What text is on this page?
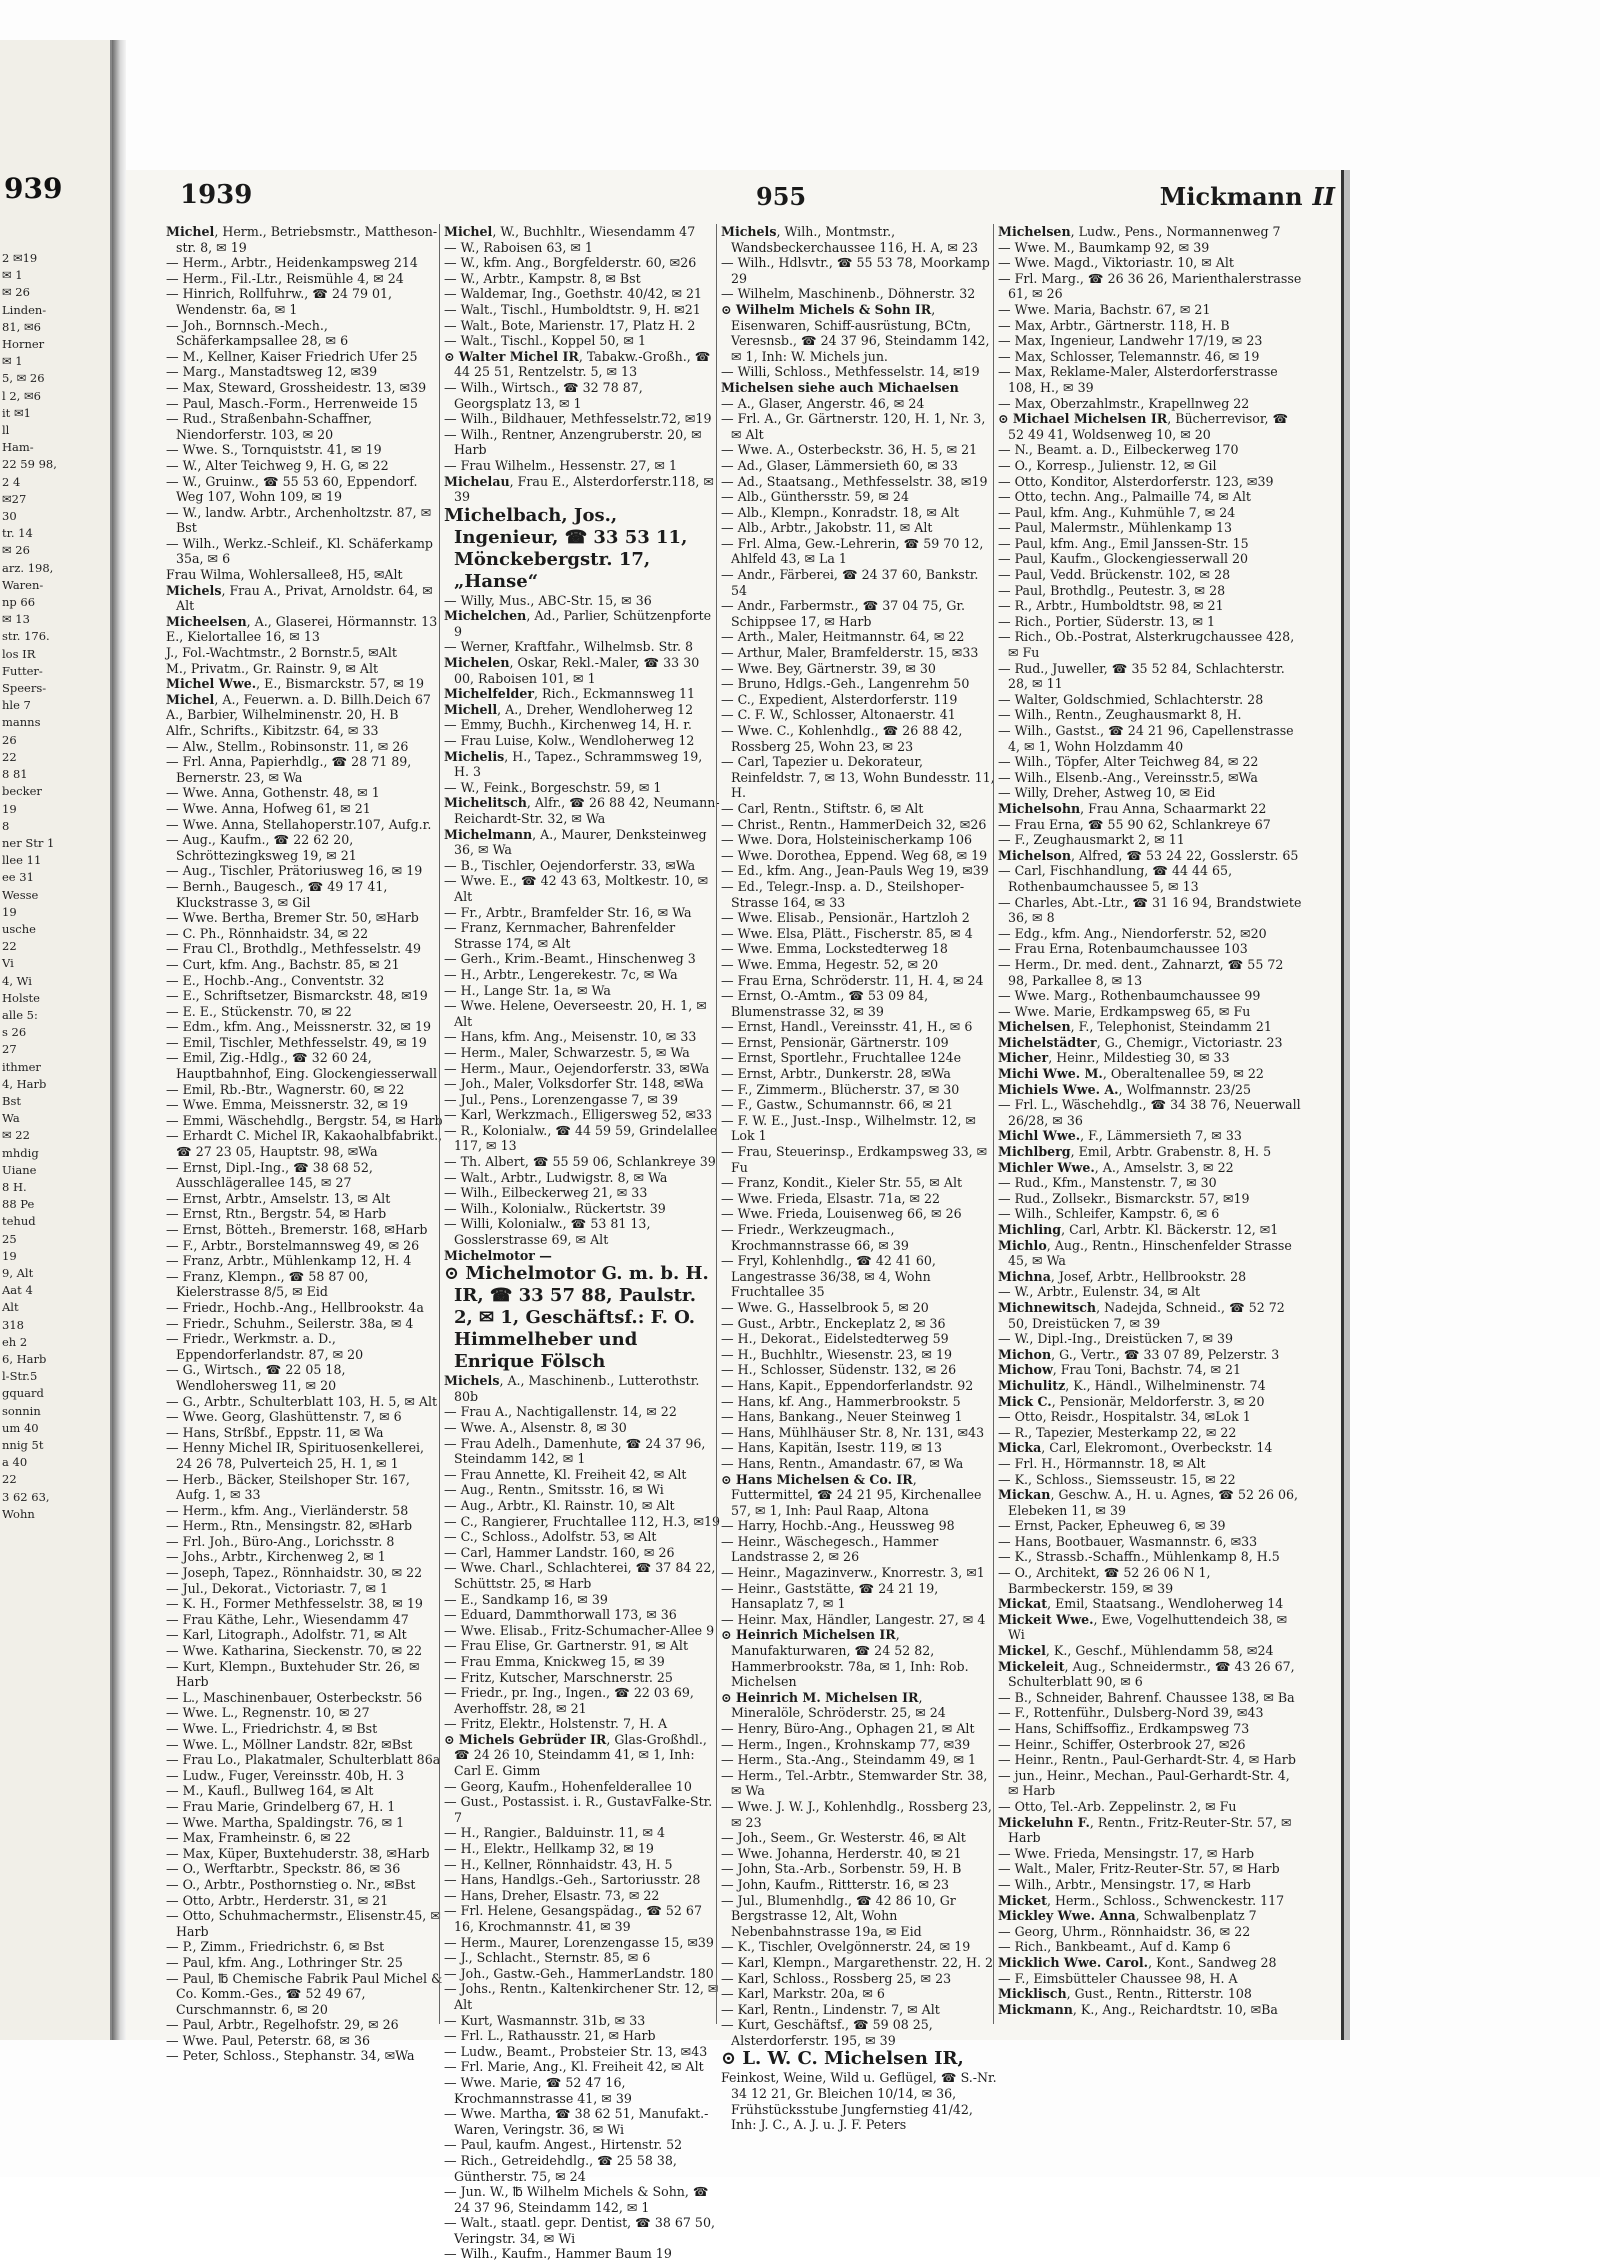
939
2 ✉19
✉ 1
✉ 26
Linden-
81, ✉6
Horner
✉ 1
5, ✉ 26
l 2, ✉6
it ✉1
ll
Ham-
22 59 98,
2 4
✉27
30
tr. 14
✉ 26
arz. 198,
Waren-
np 66
✉ 13
str. 176.
los IR
Futter-
Speers-
hle 7
manns
26
22
8 81
becker
19
8
ner Str 1
llee 11
ee 31
Wesse
19
usche
22
Vi
4, Wi
Holste
alle 5:
s 26
27
ithmer
4, Harb
Bst
Wa
✉ 22
mhdig
Uiane
8 H.
88 Pe
tehud
25
19
9, Alt
Aat 4
Alt
318
eh 2
6, Harb
l-Str.5
gquard
sonnin
um 40
nnig 5t
a 40
22
3 62 63,
Wohn
1939	955	Mickmann II
Michel, Herm., Betriebsmstr., Mattheson-str. 8, ✉ 19
— Herm., Arbtr., Heidenkampsweg 214
— Herm., Fil.-Ltr., Reismühle 4, ✉ 24
— Hinrich, Rollfuhrw., ☎ 24 79 01, Wendenstr. 6a, ✉ 1
— Joh., Bornnsch.-Mech., Schäferkampsallee 28, ✉ 6
— M., Kellner, Kaiser Friedrich Ufer 25
— Marg., Manstadtsweg 12, ✉39
— Max, Steward, Grossheidestr. 13, ✉39
— Paul, Masch.-Form., Herrenweide 15
— Rud., Straßenbahn-Schaffner, Niendorferstr. 103, ✉ 20
— Wwe. S., Tornquiststr. 41, ✉ 19
— W., Alter Teichweg 9, H. G, ✉ 22
— W., Gruinw., ☎ 55 53 60, Eppendorf. Weg 107, Wohn 109, ✉ 19
— W., landw. Arbtr., Archenholtzstr. 87, ✉ Bst
— Wilh., Werkz.-Schleif., Kl. Schäferkamp 35a, ✉ 6
Frau Wilma, Wohlersallee8, H5, ✉Alt
Michels, Frau A., Privat, Arnoldstr. 64, ✉ Alt
Micheelsen, A., Glaserei, Hörmannstr. 13
E., Kielortallee 16, ✉ 13
J., Fol.-Wachtmstr., 2 Bornstr.5, ✉Alt
M., Privatm., Gr. Rainstr. 9, ✉ Alt
Michel Wwe., E., Bismarckstr. 57, ✉ 19
Michel, A., Feuerwn. a. D. Billh.Deich 67
A., Barbier, Wilhelminenstr. 20, H. B
Alfr., Schrifts., Kibitzstr. 64, ✉ 33
— Alw., Stellm., Robinsonstr. 11, ✉ 26
— Frl. Anna, Papierhdlg., ☎ 28 71 89, Bernerstr. 23, ✉ Wa
— Wwe. Anna, Gothenstr. 48, ✉ 1
— Wwe. Anna, Hofweg 61, ✉ 21
— Wwe. Anna, Stellahoperstr.107, Aufg.r.
— Aug., Kaufm., ☎ 22 62 20, Schröttezingksweg 19, ✉ 21
— Aug., Tischler, Prätoriusweg 16, ✉ 19
— Bernh., Baugesch., ☎ 49 17 41, Kluckstrasse 3, ✉ Gil
— Wwe. Bertha, Bremer Str. 50, ✉Harb
— C. Ph., Rönnhaidstr. 34, ✉ 22
— Frau Cl., Brothdlg., Methfesselstr. 49
— Curt, kfm. Ang., Bachstr. 85, ✉ 21
— E., Hochb.-Ang., Conventstr. 32
— E., Schriftsetzer, Bismarckstr. 48, ✉19
— E. E., Stückenstr. 70, ✉ 22
— Edm., kfm. Ang., Meissnerstr. 32, ✉ 19
— Emil, Tischler, Methfesselstr. 49, ✉ 19
— Emil, Zig.-Hdlg., ☎ 32 60 24, Hauptbahnhof, Eing. Glockengiesserwall
— Emil, Rb.-Btr., Wagnerstr. 60, ✉ 22
— Wwe. Emma, Meissnerstr. 32, ✉ 19
— Emmi, Wäschehdlg., Bergstr. 54, ✉ Harb
— Erhardt C. Michel IR, Kakaohalbfabrikt., ☎ 27 23 05, Hauptstr. 98, ✉Wa
— Ernst, Dipl.-Ing., ☎ 38 68 52, Ausschlägerallee 145, ✉ 27
— Ernst, Arbtr., Amselstr. 13, ✉ Alt
— Ernst, Rtn., Bergstr. 54, ✉ Harb
— Ernst, Bötteh., Bremerstr. 168, ✉Harb
— F., Arbtr., Borstelmannsweg 49, ✉ 26
— Franz, Arbtr., Mühlenkamp 12, H. 4
— Franz, Klempn., ☎ 58 87 00, Kielerstrasse 8/5, ✉ Eid
— Friedr., Hochb.-Ang., Hellbrookstr. 4a
— Friedr., Schuhm., Seilerstr. 38a, ✉ 4
— Friedr., Werkmstr. a. D., Eppendorferlandstr. 87, ✉ 20
— G., Wirtsch., ☎ 22 05 18, Wendlohersweg 11, ✉ 20
— G., Arbtr., Schulterblatt 103, H. 5, ✉ Alt
— Wwe. Georg, Glashüttenstr. 7, ✉ 6
— Hans, Strßbf., Eppstr. 11, ✉ Wa
— Henny Michel IR, Spirituosenkellerei, 24 26 78, Pulverteich 25, H. 1, ✉ 1
— Herb., Bäcker, Steilshoper Str. 167, Aufg. 1, ✉ 33
— Herm., kfm. Ang., Vierländerstr. 58
— Herm., Rtn., Mensingstr. 82, ✉Harb
— Frl. Joh., Büro-Ang., Lorichsstr. 8
— Johs., Arbtr., Kirchenweg 2, ✉ 1
— Joseph, Tapez., Rönnhaidstr. 30, ✉ 22
— Jul., Dekorat., Victoriastr. 7, ✉ 1
— K. H., Former Methfesselstr. 38, ✉ 19
— Frau Käthe, Lehr., Wiesendamm 47
— Karl, Litograph., Adolfstr. 71, ✉ Alt
— Wwe. Katharina, Sieckenstr. 70, ✉ 22
— Kurt, Klempn., Buxtehuder Str. 26, ✉ Harb
— L., Maschinenbauer, Osterbeckstr. 56
— Wwe. L., Regnenstr. 10, ✉ 27
— Wwe. L., Friedrichstr. 4, ✉ Bst
— Wwe. L., Möllner Landstr. 82r, ✉Bst
— Frau Lo., Plakatmaler, Schulterblatt 86a
— Ludw., Fuger, Vereinsstr. 40b, H. 3
— M., Kaufl., Bullweg 164, ✉ Alt
— Frau Marie, Grindelberg 67, H. 1
— Wwe. Martha, Spaldingstr. 76, ✉ 1
— Max, Framheinstr. 6, ✉ 22
— Max, Küper, Buxtehuderstr. 38, ✉Harb
— O., Werftarbtr., Speckstr. 86, ✉ 36
— O., Arbtr., Posthornstieg o. Nr., ✉Bst
— Otto, Arbtr., Herderstr. 31, ✉ 21
— Otto, Schuhmachermstr., Elisenstr.45, ✉ Harb
— P., Zimm., Friedrichstr. 6, ✉ Bst
— Paul, kfm. Ang., Lothringer Str. 25
— Paul, ℔ Chemische Fabrik Paul Michel & Co. Komm.-Ges., ☎ 52 49 67, Curschmannstr. 6, ✉ 20
— Paul, Arbtr., Regelhofstr. 29, ✉ 26
— Wwe. Paul, Peterstr. 68, ✉ 36
— Peter, Schloss., Stephanstr. 34, ✉Wa
Michel, W., Buchhltr., Wiesendamm 47
— W., Raboisen 63, ✉ 1
— W., kfm. Ang., Borgfelderstr. 60, ✉26
— W., Arbtr., Kampstr. 8, ✉ Bst
— Waldemar, Ing., Goethstr. 40/42, ✉ 21
— Walt., Tischl., Humboldtstr. 9, H. ✉21
— Walt., Bote, Marienstr. 17, Platz H. 2
— Walt., Tischl., Koppel 50, ✉ 1
⊙ Walter Michel IR, Tabakw.-Großh., ☎ 44 25 51, Rentzelstr. 5, ✉ 13
— Wilh., Wirtsch., ☎ 32 78 87, Georgsplatz 13, ✉ 1
— Wilh., Bildhauer, Methfesselstr.72, ✉19
— Wilh., Rentner, Anzengruberstr. 20, ✉ Harb
— Frau Wilhelm., Hessenstr. 27, ✉ 1
Michelau, Frau E., Alsterdorferstr.118, ✉39
Michelbach, Jos., Ingenieur, ☎ 33 53 11, Mönckebergstr. 17, „Hanse“
— Willy, Mus., ABC-Str. 15, ✉ 36
Michelchen, Ad., Parlier, Schützenpforte 9
— Werner, Kraftfahr., Wilhelmsb. Str. 8
Michelen, Oskar, Rekl.-Maler, ☎ 33 30 00, Raboisen 101, ✉ 1
Michelfelder, Rich., Eckmannsweg 11
Michell, A., Dreher, Wendloherweg 12
— Emmy, Buchh., Kirchenweg 14, H. r.
— Frau Luise, Kolw., Wendloherweg 12
Michelis, H., Tapez., Schrammsweg 19, H. 3
— W., Feink., Borgeschstr. 59, ✉ 1
Michelitsch, Alfr., ☎ 26 88 42, Neumann-Reichardt-Str. 32, ✉ Wa
Michelmann, A., Maurer, Denksteinweg 36, ✉ Wa
— B., Tischler, Oejendorferstr. 33, ✉Wa
— Wwe. E., ☎ 42 43 63, Moltkestr. 10, ✉Alt
— Fr., Arbtr., Bramfelder Str. 16, ✉ Wa
— Franz, Kernmacher, Bahrenfelder Strasse 174, ✉ Alt
— Gerh., Krim.-Beamt., Hinschenweg 3
— H., Arbtr., Lengerekestr. 7c, ✉ Wa
— H., Lange Str. 1a, ✉ Wa
— Wwe. Helene, Oeverseestr. 20, H. 1, ✉Alt
— Hans, kfm. Ang., Meisenstr. 10, ✉ 33
— Herm., Maler, Schwarzestr. 5, ✉ Wa
— Herm., Maur., Oejendorferstr. 33, ✉Wa
— Joh., Maler, Volksdorfer Str. 148, ✉Wa
— Jul., Pens., Lorenzengasse 7, ✉ 39
— Karl, Werkzmach., Elligersweg 52, ✉33
— R., Kolonialw., ☎ 44 59 59, Grindelallee 117, ✉ 13
— Th. Albert, ☎ 55 59 06, Schlankreye 39
— Walt., Arbtr., Ludwigstr. 8, ✉ Wa
— Wilh., Eilbeckerweg 21, ✉ 33
— Wilh., Kolonialw., Rückertstr. 39
— Willi, Kolonialw., ☎ 53 81 13, Gosslerstrasse 69, ✉ Alt
Michelmotor —
⊙ Michelmotor G. m. b. H. IR, ☎ 33 57 88, Paulstr. 2, ✉ 1, Geschäftsf.: F. O. Himmelheber und Enrique Fölsch
Michels, A., Maschinenb., Lutterothstr. 80b
— Frau A., Nachtigallenstr. 14, ✉ 22
— Wwe. A., Alsenstr. 8, ✉ 30
— Frau Adelh., Damenhute, ☎ 24 37 96, Steindamm 142, ✉ 1
— Frau Annette, Kl. Freiheit 42, ✉ Alt
— Aug., Rentn., Smitsstr. 16, ✉ Wi
— Aug., Arbtr., Kl. Rainstr. 10, ✉ Alt
— C., Rangierer, Fruchtallee 112, H.3, ✉19
— C., Schloss., Adolfstr. 53, ✉ Alt
— Carl, Hammer Landstr. 160, ✉ 26
— Wwe. Charl., Schlachterei, ☎ 37 84 22, Schüttstr. 25, ✉ Harb
— E., Sandkamp 16, ✉ 39
— Eduard, Dammthorwall 173, ✉ 36
— Wwe. Elisab., Fritz-Schumacher-Allee 9
— Frau Elise, Gr. Gartnerstr. 91, ✉ Alt
— Frau Emma, Knickweg 15, ✉ 39
— Fritz, Kutscher, Marschnerstr. 25
— Friedr., pr. Ing., Ingen., ☎ 22 03 69, Averhoffstr. 28, ✉ 21
— Fritz, Elektr., Holstenstr. 7, H. A
⊙ Michels Gebrüder IR, Glas-Großhdl., ☎ 24 26 10, Steindamm 41, ✉ 1, Inh: Carl E. Gimm
— Georg, Kaufm., Hohenfelderallee 10
— Gust., Postassist. i. R., GustavFalke-Str. 7
— H., Rangier., Balduinstr. 11, ✉ 4
— H., Elektr., Hellkamp 32, ✉ 19
— H., Kellner, Rönnhaidstr. 43, H. 5
— Hans, Handlgs.-Geh., Sartoriusstr. 28
— Hans, Dreher, Elsastr. 73, ✉ 22
— Frl. Helene, Gesangspädag., ☎ 52 67 16, Krochmannstr. 41, ✉ 39
— Herm., Maurer, Lorenzengasse 15, ✉39
— J., Schlacht., Sternstr. 85, ✉ 6
— Joh., Gastw.-Geh., HammerLandstr. 180
— Johs., Rentn., Kaltenkirchener Str. 12, ✉ Alt
— Kurt, Wasmannstr. 31b, ✉ 33
— Frl. L., Rathausstr. 21, ✉ Harb
— Ludw., Beamt., Probsteier Str. 13, ✉43
— Frl. Marie, Ang., Kl. Freiheit 42, ✉ Alt
— Wwe. Marie, ☎ 52 47 16, Krochmannstrasse 41, ✉ 39
— Wwe. Martha, ☎ 38 62 51, Manufakt.-Waren, Veringstr. 36, ✉ Wi
— Paul, kaufm. Angest., Hirtenstr. 52
— Rich., Getreidehdlg., ☎ 25 58 38, Güntherstr. 75, ✉ 24
— Jun. W., ℔ Wilhelm Michels & Sohn, ☎ 24 37 96, Steindamm 142, ✉ 1
— Walt., staatl. gepr. Dentist, ☎ 38 67 50, Veringstr. 34, ✉ Wi
— Wilh., Kaufm., Hammer Baum 19
Michels, Wilh., Montmstr., Wandsbeckerchaussee 116, H. A, ✉ 23
— Wilh., Hdlsvtr., ☎ 55 53 78, Moorkamp 29
— Wilhelm, Maschinenb., Döhnerstr. 32
⊙ Wilhelm Michels & Sohn IR, Eisenwaren, Schiff-ausrüstung, BCtn, Veresnsb., ☎ 24 37 96, Steindamm 142, ✉ 1, Inh: W. Michels jun.
— Willi, Schloss., Methfesselstr. 14, ✉19
Michelsen siehe auch Michaelsen
— A., Glaser, Angerstr. 46, ✉ 24
— Frl. A., Gr. Gärtnerstr. 120, H. 1, Nr. 3, ✉ Alt
— Wwe. A., Osterbeckstr. 36, H. 5, ✉ 21
— Ad., Glaser, Lämmersieth 60, ✉ 33
— Ad., Staatsang., Methfesselstr. 38, ✉19
— Alb., Günthersstr. 59, ✉ 24
— Alb., Klempn., Konradstr. 18, ✉ Alt
— Alb., Arbtr., Jakobstr. 11, ✉ Alt
— Frl. Alma, Gew.-Lehrerin, ☎ 59 70 12, Ahlfeld 43, ✉ La 1
— Andr., Färberei, ☎ 24 37 60, Bankstr. 54
— Andr., Farbermstr., ☎ 37 04 75, Gr. Schippsee 17, ✉ Harb
— Arth., Maler, Heitmannstr. 64, ✉ 22
— Arthur, Maler, Bramfelderstr. 15, ✉33
— Wwe. Bey, Gärtnerstr. 39, ✉ 30
— Bruno, Hdlgs.-Geh., Langenrehm 50
— C., Expedient, Alsterdorferstr. 119
— C. F. W., Schlosser, Altonaerstr. 41
— Wwe. C., Kohlenhdlg., ☎ 26 88 42, Rossberg 25, Wohn 23, ✉ 23
— Carl, Tapezier u. Dekorateur, Reinfeldstr. 7, ✉ 13, Wohn Bundesstr. 11, H.
— Carl, Rentn., Stiftstr. 6, ✉ Alt
— Christ., Rentn., HammerDeich 32, ✉26
— Wwe. Dora, Holsteinischerkamp 106
— Wwe. Dorothea, Eppend. Weg 68, ✉ 19
— Ed., kfm. Ang., Jean-Pauls Weg 19, ✉39
— Ed., Telegr.-Insp. a. D., Steilshoper-Strasse 164, ✉ 33
— Wwe. Elisab., Pensionär., Hartzloh 2
— Wwe. Elsa, Plätt., Fischerstr. 85, ✉ 4
— Wwe. Emma, Lockstedterweg 18
— Wwe. Emma, Hegestr. 52, ✉ 20
— Frau Erna, Schröderstr. 11, H. 4, ✉ 24
— Ernst, O.-Amtm., ☎ 53 09 84, Blumenstrasse 32, ✉ 39
— Ernst, Handl., Vereinsstr. 41, H., ✉ 6
— Ernst, Pensionär, Gärtnerstr. 109
— Ernst, Sportlehr., Fruchtallee 124e
— Ernst, Arbtr., Dunkerstr. 28, ✉Wa
— F., Zimmerm., Blücherstr. 37, ✉ 30
— F., Gastw., Schumannstr. 66, ✉ 21
— F. W. E., Just.-Insp., Wilhelmstr. 12, ✉ Lok 1
— Frau, Steuerinsp., Erdkampsweg 33, ✉ Fu
— Franz, Kondit., Kieler Str. 55, ✉ Alt
— Wwe. Frieda, Elsastr. 71a, ✉ 22
— Wwe. Frieda, Louisenweg 66, ✉ 26
— Friedr., Werkzeugmach., Krochmannstrasse 66, ✉ 39
— Fryl, Kohlenhdlg., ☎ 42 41 60, Langestrasse 36/38, ✉ 4, Wohn Fruchtallee 35
— Wwe. G., Hasselbrook 5, ✉ 20
— Gust., Arbtr., Enckeplatz 2, ✉ 36
— H., Dekorat., Eidelstedterweg 59
— H., Buchhltr., Wiesenstr. 23, ✉ 19
— H., Schlosser, Südenstr. 132, ✉ 26
— Hans, Kapit., Eppendorferlandstr. 92
— Hans, kf. Ang., Hammerbrookstr. 5
— Hans, Bankang., Neuer Steinweg 1
— Hans, Mühlhäuser Str. 8, Nr. 131, ✉43
— Hans, Kapitän, Isestr. 119, ✉ 13
— Hans, Rentn., Amandastr. 67, ✉ Wa
⊙ Hans Michelsen & Co. IR, Futtermittel, ☎ 24 21 95, Kirchenallee 57, ✉ 1, Inh: Paul Raap, Altona
— Harry, Hochb.-Ang., Heussweg 98
— Heinr., Wäschegesch., Hammer Landstrasse 2, ✉ 26
— Heinr., Magazinverw., Knorrestr. 3, ✉1
— Heinr., Gaststätte, ☎ 24 21 19, Hansaplatz 7, ✉ 1
— Heinr. Max, Händler, Langestr. 27, ✉ 4
⊙ Heinrich Michelsen IR, Manufakturwaren, ☎ 24 52 82, Hammerbrookstr. 78a, ✉ 1, Inh: Rob. Michelsen
⊙ Heinrich M. Michelsen IR, Mineralöle, Schröderstr. 25, ✉ 24
— Henry, Büro-Ang., Ophagen 21, ✉ Alt
— Herm., Ingen., Krohnskamp 77, ✉39
— Herm., Sta.-Ang., Steindamm 49, ✉ 1
— Herm., Tel.-Arbtr., Stemwarder Str. 38, ✉ Wa
— Wwe. J. W. J., Kohlenhdlg., Rossberg 23, ✉ 23
— Joh., Seem., Gr. Westerstr. 46, ✉ Alt
— Wwe. Johanna, Herderstr. 40, ✉ 21
— John, Sta.-Arb., Sorbenstr. 59, H. B
— John, Kaufm., Rittterstr. 16, ✉ 23
— Jul., Blumenhdlg., ☎ 42 86 10, Gr Bergstrasse 12, Alt, Wohn Nebenbahnstrasse 19a, ✉ Eid
— K., Tischler, Ovelgönnerstr. 24, ✉ 19
— Karl, Klempn., Margarethenstr. 22, H. 2
— Karl, Schloss., Rossberg 25, ✉ 23
— Karl, Markstr. 20a, ✉ 6
— Karl, Rentn., Lindenstr. 7, ✉ Alt
— Kurt, Geschäftsf., ☎ 59 08 25, Alsterdorferstr. 195, ✉ 39
⊙ L. W. C. Michelsen IR,
Feinkost, Weine, Wild u. Geflügel, ☎ S.-Nr. 34 12 21, Gr. Bleichen 10/14, ✉ 36, Frühstücksstube Jungfernstieg 41/42, Inh: J. C., A. J. u. J. F. Peters
Michelsen, Ludw., Pens., Normannenweg 7
— Wwe. M., Baumkamp 92, ✉ 39
— Wwe. Magd., Viktoriastr. 10, ✉ Alt
— Frl. Marg., ☎ 26 36 26, Marienthalerstrasse 61, ✉ 26
— Wwe. Maria, Bachstr. 67, ✉ 21
— Max, Arbtr., Gärtnerstr. 118, H. B
— Max, Ingenieur, Landwehr 17/19, ✉ 23
— Max, Schlosser, Telemannstr. 46, ✉ 19
— Max, Reklame-Maler, Alsterdorferstrasse 108, H., ✉ 39
— Max, Oberzahlmstr., Krapellnweg 22
⊙ Michael Michelsen IR, Bücherrevisor, ☎ 52 49 41, Woldsenweg 10, ✉ 20
— N., Beamt. a. D., Eilbeckerweg 170
— O., Korresp., Julienstr. 12, ✉ Gil
— Otto, Konditor, Alsterdorferstr. 123, ✉39
— Otto, techn. Ang., Palmaille 74, ✉ Alt
— Paul, kfm. Ang., Kuhmühle 7, ✉ 24
— Paul, Malermstr., Mühlenkamp 13
— Paul, kfm. Ang., Emil Janssen-Str. 15
— Paul, Kaufm., Glockengiesserwall 20
— Paul, Vedd. Brückenstr. 102, ✉ 28
— Paul, Brothdlg., Peutestr. 3, ✉ 28
— R., Arbtr., Humboldtstr. 98, ✉ 21
— Rich., Portier, Süderstr. 13, ✉ 1
— Rich., Ob.-Postrat, Alsterkrugchaussee 428, ✉ Fu
— Rud., Juweller, ☎ 35 52 84, Schlachterstr. 28, ✉ 11
— Walter, Goldschmied, Schlachterstr. 28
— Wilh., Rentn., Zeughausmarkt 8, H.
— Wilh., Gastst., ☎ 24 21 96, Capellenstrasse 4, ✉ 1, Wohn Holzdamm 40
— Wilh., Töpfer, Alter Teichweg 84, ✉ 22
— Wilh., Elsenb.-Ang., Vereinsstr.5, ✉Wa
— Willy, Dreher, Astweg 10, ✉ Eid
Michelsohn, Frau Anna, Schaarmarkt 22
— Frau Erna, ☎ 55 90 62, Schlankreye 67
— F., Zeughausmarkt 2, ✉ 11
Michelson, Alfred, ☎ 53 24 22, Gosslerstr. 65
— Carl, Fischhandlung, ☎ 44 44 65, Rothenbaumchaussee 5, ✉ 13
— Charles, Abt.-Ltr., ☎ 31 16 94, Brandstwiete 36, ✉ 8
— Edg., kfm. Ang., Niendorferstr. 52, ✉20
— Frau Erna, Rotenbaumchaussee 103
— Herm., Dr. med. dent., Zahnarzt, ☎ 55 72 98, Parkallee 8, ✉ 13
— Wwe. Marg., Rothenbaumchaussee 99
— Wwe. Marie, Erdkampsweg 65, ✉ Fu
Michelsen, F., Telephonist, Steindamm 21
Michelstädter, G., Chemigr., Victoriastr. 23
Micher, Heinr., Mildestieg 30, ✉ 33
Michi Wwe. M., Oberaltenallee 59, ✉ 22
Michiels Wwe. A., Wolfmannstr. 23/25
— Frl. L., Wäschehdlg., ☎ 34 38 76, Neuerwall 26/28, ✉ 36
Michl Wwe., F., Lämmersieth 7, ✉ 33
Michlberg, Emil, Arbtr. Grabenstr. 8, H. 5
Michler Wwe., A., Amselstr. 3, ✉ 22
— Rud., Kfm., Manstenstr. 7, ✉ 30
— Rud., Zollsekr., Bismarckstr. 57, ✉19
— Wilh., Schleifer, Kampstr. 6, ✉ 6
Michling, Carl, Arbtr. Kl. Bäckerstr. 12, ✉1
Michlo, Aug., Rentn., Hinschenfelder Strasse 45, ✉ Wa
Michna, Josef, Arbtr., Hellbrookstr. 28
— W., Arbtr., Eulenstr. 34, ✉ Alt
Michnewitsch, Nadejda, Schneid., ☎ 52 72 50, Dreistücken 7, ✉ 39
— W., Dipl.-Ing., Dreistücken 7, ✉ 39
Michon, G., Vertr., ☎ 33 07 89, Pelzerstr. 3
Michow, Frau Toni, Bachstr. 74, ✉ 21
Michulitz, K., Händl., Wilhelminenstr. 74
Mick C., Pensionär, Meldorferstr. 3, ✉ 20
— Otto, Reisdr., Hospitalstr. 34, ✉Lok 1
— R., Tapezier, Mesterkamp 22, ✉ 22
Micka, Carl, Elekromont., Overbeckstr. 14
— Frl. H., Hörmannstr. 18, ✉ Alt
— K., Schloss., Siemsseustr. 15, ✉ 22
Mickan, Geschw. A., H. u. Agnes, ☎ 52 26 06, Elebeken 11, ✉ 39
— Ernst, Packer, Epheuweg 6, ✉ 39
— Hans, Bootbauer, Wasmannstr. 6, ✉33
— K., Strassb.-Schaffn., Mühlenkamp 8, H.5
— O., Architekt, ☎ 52 26 06 N 1, Barmbeckerstr. 159, ✉ 39
Mickat, Emil, Staatsang., Wendloherweg 14
Mickeit Wwe., Ewe, Vogelhuttendeich 38, ✉ Wi
Mickel, K., Geschf., Mühlendamm 58, ✉24
Mickeleit, Aug., Schneidermstr., ☎ 43 26 67, Schulterblatt 90, ✉ 6
— B., Schneider, Bahrenf. Chaussee 138, ✉ Ba
— F., Rottenführ., Dulsberg-Nord 39, ✉43
— Hans, Schiffsoffiz., Erdkampsweg 73
— Heinr., Schiffer, Osterbrook 27, ✉26
— Heinr., Rentn., Paul-Gerhardt-Str. 4, ✉ Harb
— jun., Heinr., Mechan., Paul-Gerhardt-Str. 4, ✉ Harb
— Otto, Tel.-Arb. Zeppelinstr. 2, ✉ Fu
Mickeluhn F., Rentn., Fritz-Reuter-Str. 57, ✉ Harb
— Wwe. Frieda, Mensingstr. 17, ✉ Harb
— Walt., Maler, Fritz-Reuter-Str. 57, ✉ Harb
— Wilh., Arbtr., Mensingstr. 17, ✉ Harb
Micket, Herm., Schloss., Schwenckestr. 117
Mickley Wwe. Anna, Schwalbenplatz 7
— Georg, Uhrm., Rönnhaidstr. 36, ✉ 22
— Rich., Bankbeamt., Auf d. Kamp 6
Micklich Wwe. Carol., Kont., Sandweg 28
— F., Eimsbütteler Chaussee 98, H. A
Micklisch, Gust., Rentn., Ritterstr. 108
Mickmann, K., Ang., Reichardtstr. 10, ✉Ba
